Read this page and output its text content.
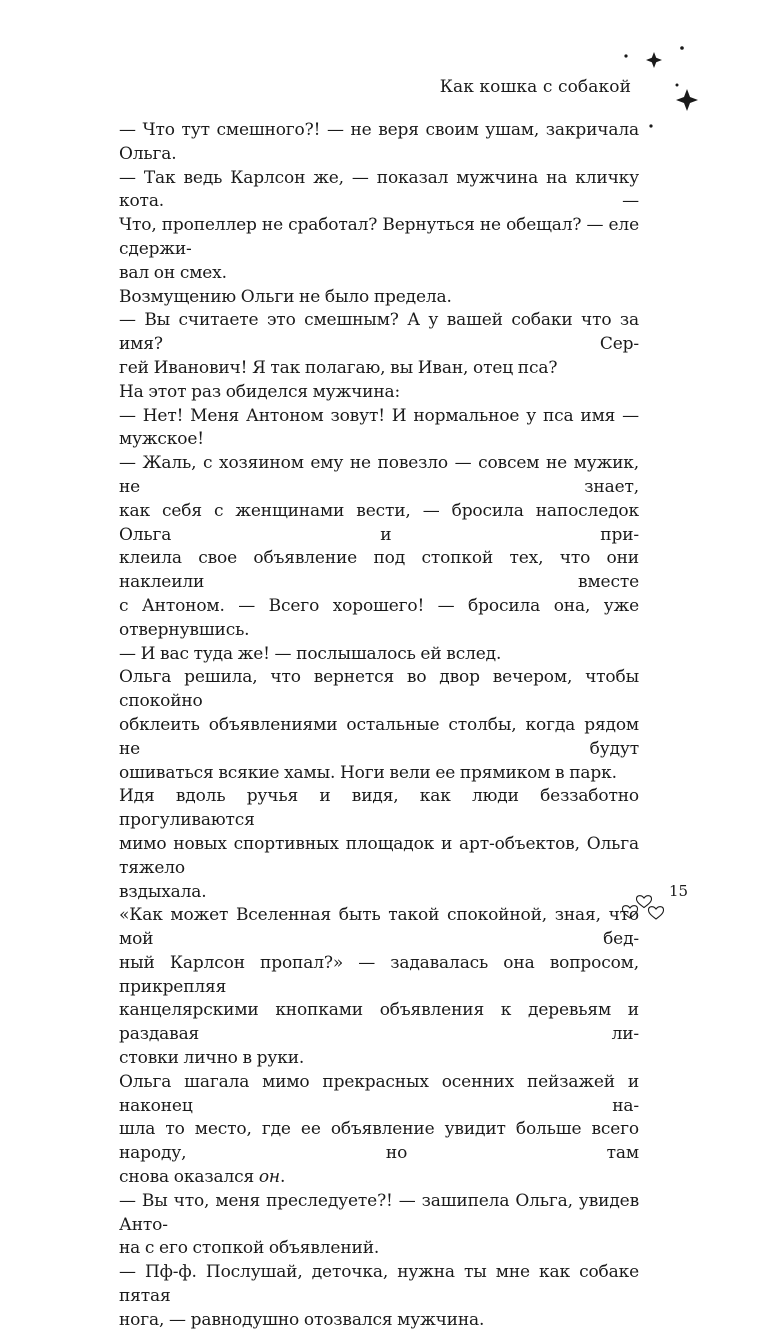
Как кошка с собакой

— Что тут смешного?! — не веря своим ушам, закричала Ольга.

— Так ведь Карлсон же, — показал мужчина на кличку кота. —
Что, пропеллер не сработал? Вернуться не обещал? — еле сдержи-
вал он смех.

Возмущению Ольги не было предела.

— Вы считаете это смешным? А у вашей собаки что за имя? Сер-
гей Иванович! Я так полагаю, вы Иван, отец пса?

На этот раз обиделся мужчина:

— Нет! Меня Антоном зовут! И нормальное у пса имя — мужское!

— Жаль, с хозяином ему не повезло — совсем не мужик, не знает,
как себя с женщинами вести, — бросила напоследок Ольга и при-
клеила свое объявление под стопкой тех, что они наклеили вместе
с Антоном. — Всего хорошего! — бросила она, уже отвернувшись.

— И вас туда же! — послышалось ей вслед.

Ольга решила, что вернется во двор вечером, чтобы спокойно
обклеить объявлениями остальные столбы, когда рядом не будут
ошиваться всякие хамы. Ноги вели ее прямиком в парк.

Идя вдоль ручья и видя, как люди беззаботно прогуливаются
мимо новых спортивных площадок и арт-объектов, Ольга тяжело
вздыхала.

«Как может Вселенная быть такой спокойной, зная, что мой бед-
ный Карлсон пропал?» — задавалась она вопросом, прикрепляя
канцелярскими кнопками объявления к деревьям и раздавая ли-
стовки лично в руки.

Ольга шагала мимо прекрасных осенних пейзажей и наконец на-
шла то место, где ее объявление увидит больше всего народу, но там
снова оказался он.

— Вы что, меня преследуете?! — зашипела Ольга, увидев Анто-
на с его стопкой объявлений.

— Пф-ф. Послушай, деточка, нужна ты мне как собаке пятая
нога, — равнодушно отозвался мужчина.

15
